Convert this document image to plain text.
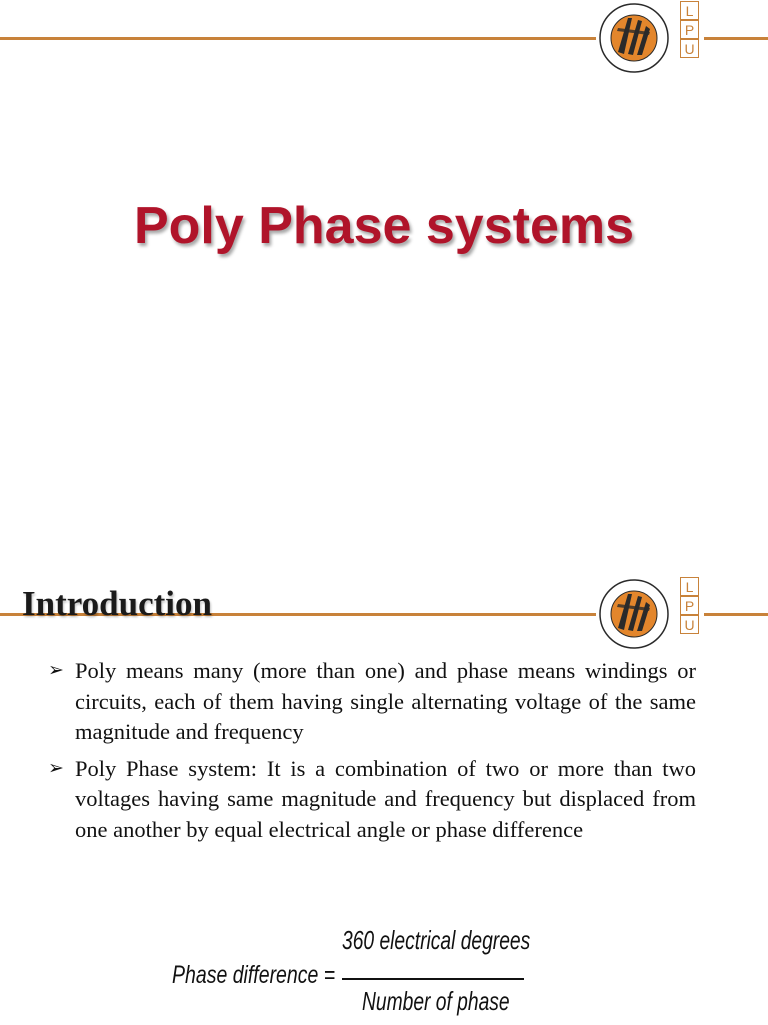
L
P
U
Poly Phase systems
L
P
U
Introduction
➢ Poly means many (more than one) and phase means windings or circuits, each of them having single alternating voltage of the same magnitude and frequency
➢ Poly Phase system: It is a combination of two or more than two voltages having same magnitude and frequency but displaced from one another by equal electrical angle or phase difference
Phase difference =
360 electrical degrees
Number of phase
